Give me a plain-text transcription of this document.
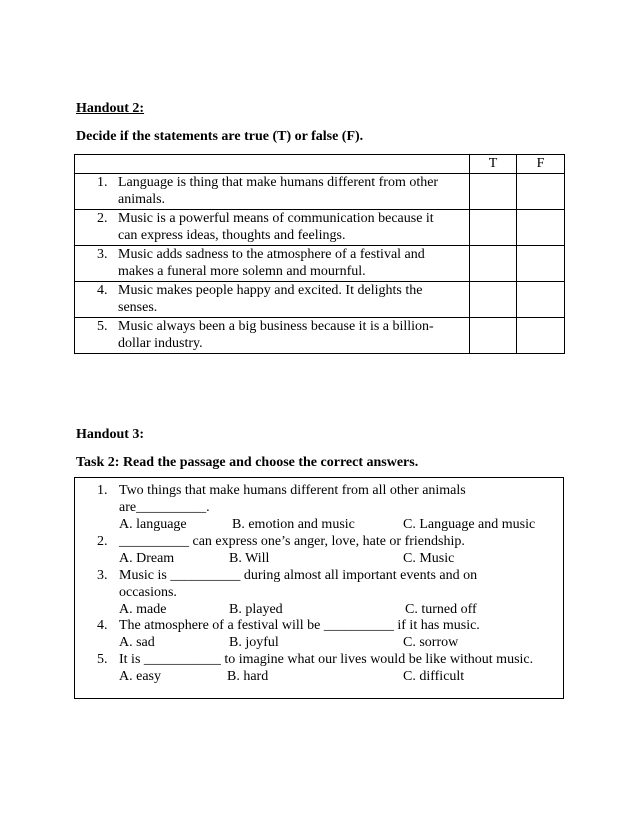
Handout 2:

Decide if the statements are true (T) or false (F).

	T	F

1. Language is thing that make humans different from other
animals.		

2. Music is a powerful means of communication because it
can express ideas, thoughts and feelings.		

3. Music adds sadness to the atmosphere of a festival and
makes a funeral more solemn and mournful.		

4. Music makes people happy and excited. It delights the
senses.		

5. Music always been a big business because it is a billion-
dollar industry.		

Handout 3:

Task 2: Read the passage and choose the correct answers.

1. Two things that make humans different from all other animals
are__________.
A. language	B. emotion and music	C. Language and music
2. __________ can express one’s anger, love, hate or friendship.
A. Dream	B. Will	C. Music
3. Music is __________ during almost all important events and on
occasions.
A. made	B. played	C. turned off
4. The atmosphere of a festival will be __________ if it has music.
A. sad	B. joyful	C. sorrow
5. It is ___________ to imagine what our lives would be like without music.
A. easy	B. hard	C. difficult
